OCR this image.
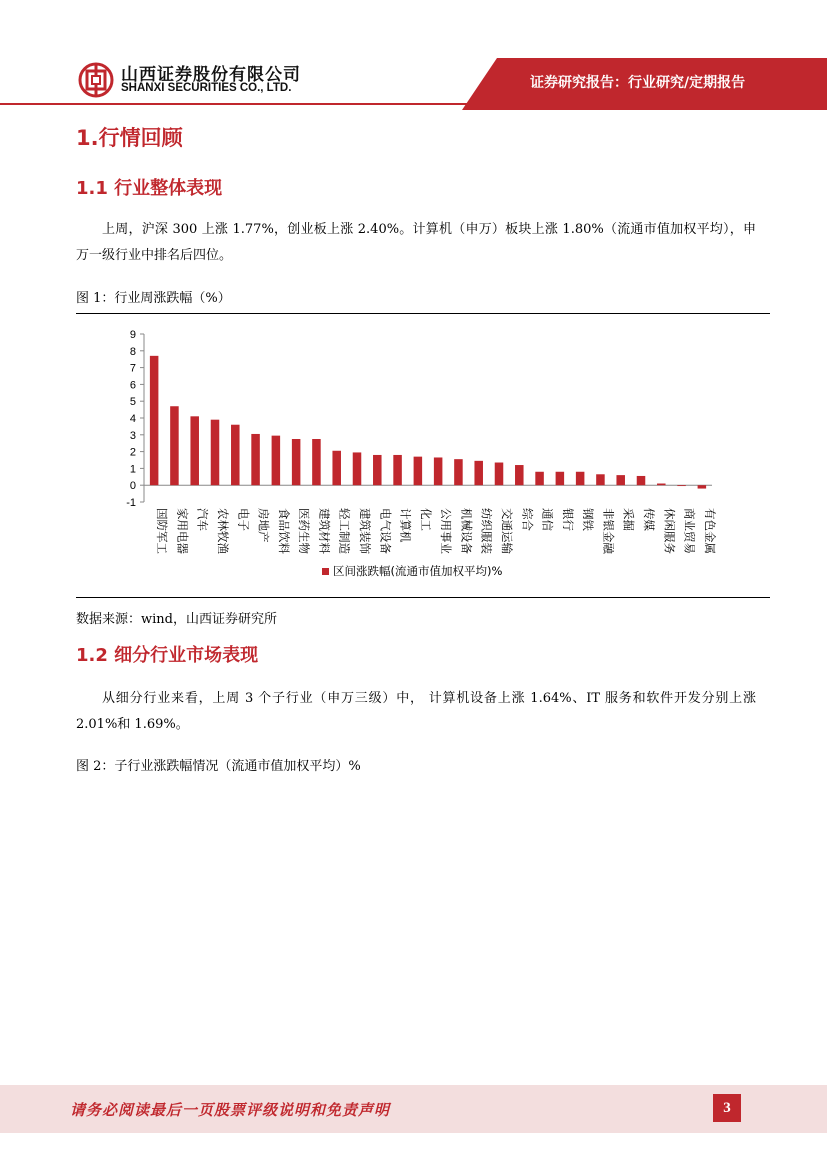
山西证券股份有限公司
SHANXI SECURITIES CO., LTD.	证券研究报告：行业研究/定期报告
1.行情回顾
1.1 行业整体表现
上周，沪深 300 上涨 1.77%，创业板上涨 2.40%。计算机（申万）板块上涨 1.80%（流通市值加权平均），申万一级行业中排名后四位。
图 1：行业周涨跌幅（%）
-1
0
1
2
3
4
5
6
7
8
9
国防军工 家用电器 汽车 农林牧渔 电子 房地产 食品饮料 医药生物 建筑材料 轻工制造 建筑装饰 电气设备 计算机 化工 公用事业 机械设备 纺织服装 交通运输 综合 通信 银行 钢铁 非银金融 采掘 传媒 休闲服务 商业贸易 有色金属
区间涨跌幅(流通市值加权平均)%
数据来源：wind，山西证券研究所
1.2 细分行业市场表现
从细分行业来看，上周 3 个子行业（申万三级）中， 计算机设备上涨 1.64%、IT 服务和软件开发分别上涨 2.01%和 1.69%。
图 2：子行业涨跌幅情况（流通市值加权平均）%
请务必阅读最后一页股票评级说明和免责声明	3
